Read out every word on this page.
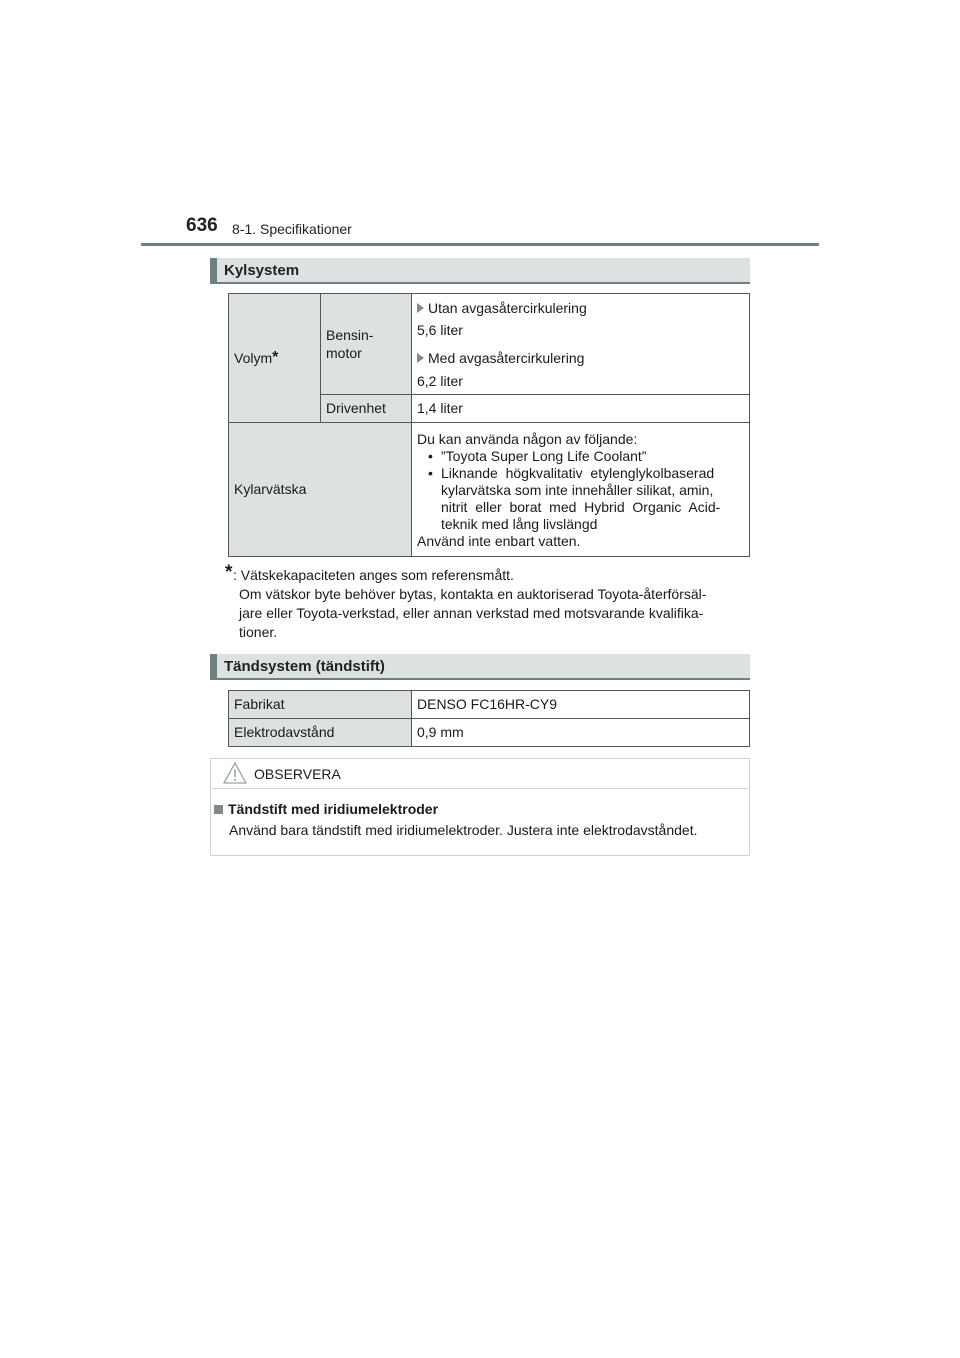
636 8-1. Specifikationer
Kylsystem
Volym *
Bensin-
motor
Utan avgasåtercirkulering
5,6 liter
Med avgasåtercirkulering
6,2 liter
Drivenhet 1,4 liter
Kylarvätska
Du kan använda någon av följande:
• ”Toyota Super Long Life Coolant”
• Liknande  högkvalitativ  etylenglykolbaserad
kylarvätska som inte innehåller silikat, amin,
nitrit  eller  borat  med  Hybrid  Organic  Acid-
teknik med lång livslängd
Använd inte enbart vatten.
* : Vätskekapaciteten anges som referensmått.
Om vätskor byte behöver bytas, kontakta en auktoriserad Toyota-återförsäl-
jare eller Toyota-verkstad, eller annan verkstad med motsvarande kvalifika-
tioner.
Tändsystem (tändstift)
Fabrikat	DENSO FC16HR-CY9
Elektrodavstånd	0,9 mm
OBSERVERA
Tändstift med iridiumelektroder
Använd bara tändstift med iridiumelektroder. Justera inte elektrodavståndet.
